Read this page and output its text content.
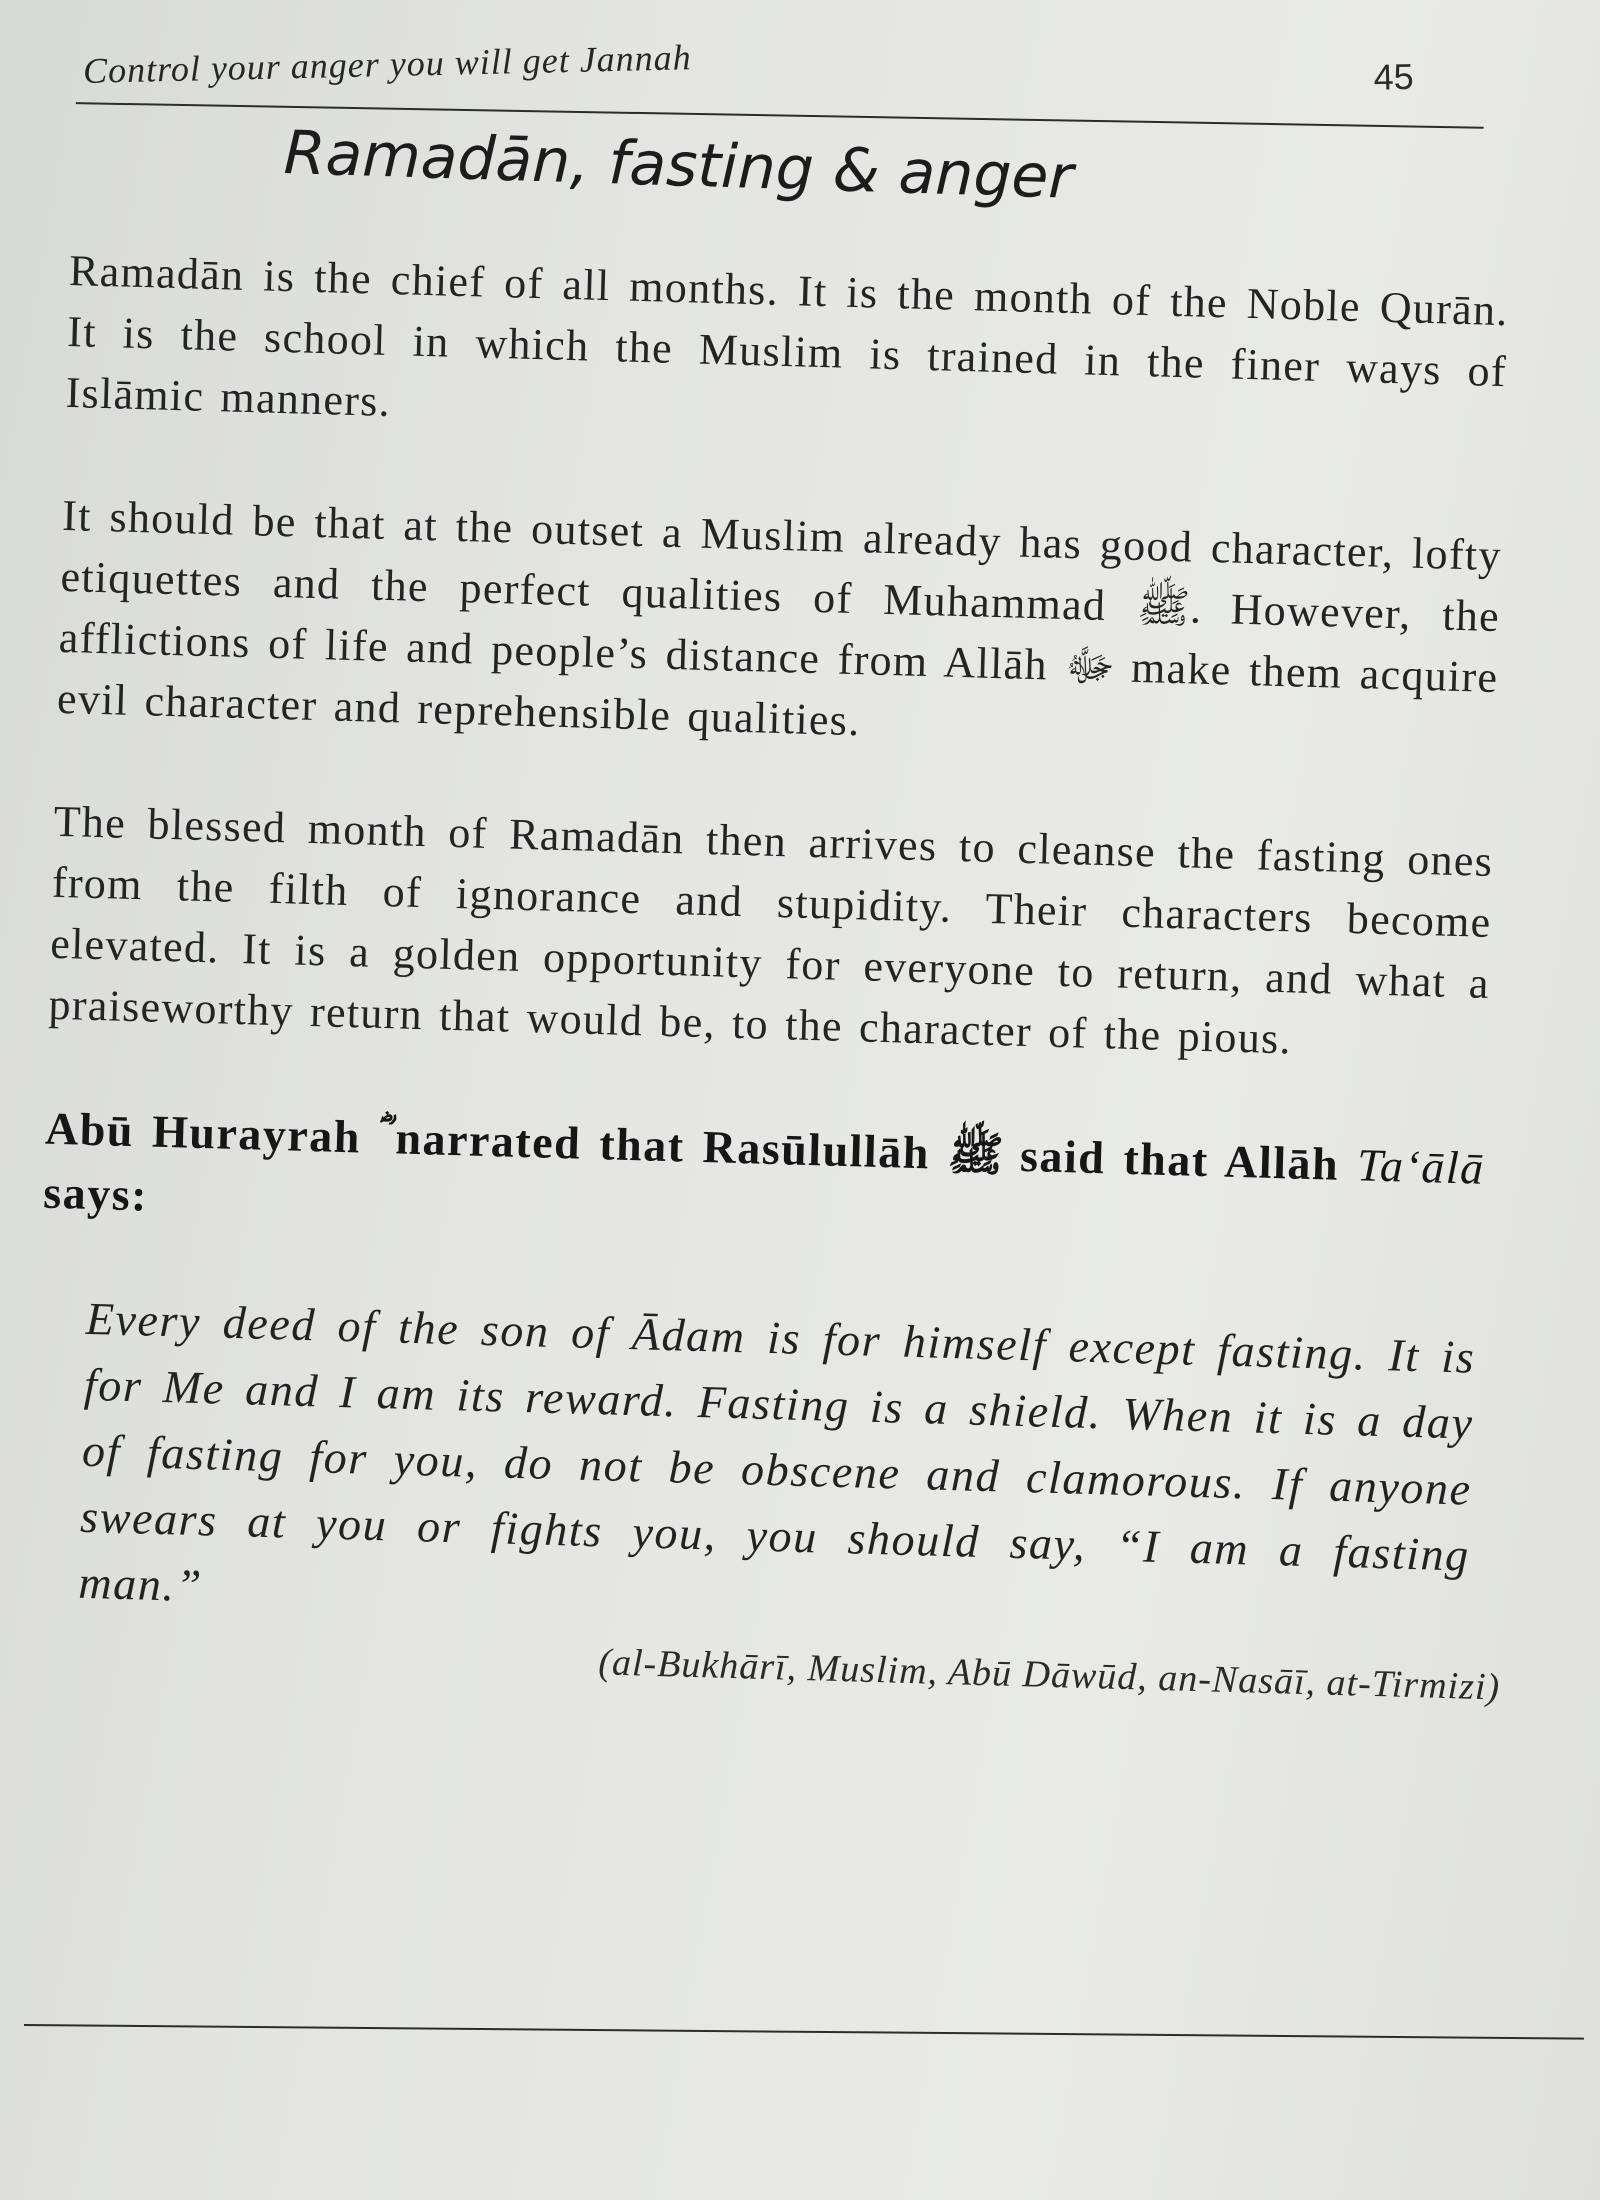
Control your anger you will get Jannah	45
Ramadān, fasting & anger

Ramadān is the chief of all months. It is the month of the Noble Qurān. It is the school in which the Muslim is trained in the finer ways of Islāmic manners.

It should be that at the outset a Muslim already has good character, lofty etiquettes and the perfect qualities of Muhammad ﷺ. However, the afflictions of life and people’s distance from Allāh ﷻ make them acquire evil character and reprehensible qualities.

The blessed month of Ramadān then arrives to cleanse the fasting ones from the filth of ignorance and stupidity. Their characters become elevated. It is a golden opportunity for everyone to return, and what a praiseworthy return that would be, to the character of the pious.

Abū Hurayrah ؓ narrated that Rasūlullāh ﷺ said that Allāh Ta‘ālā says:

Every deed of the son of Ādam is for himself except fasting. It is for Me and I am its reward. Fasting is a shield. When it is a day of fasting for you, do not be obscene and clamorous. If anyone swears at you or fights you, you should say, “I am a fasting man.”

(al-Bukhārī, Muslim, Abū Dāwūd, an-Nasāī, at-Tirmizi)
